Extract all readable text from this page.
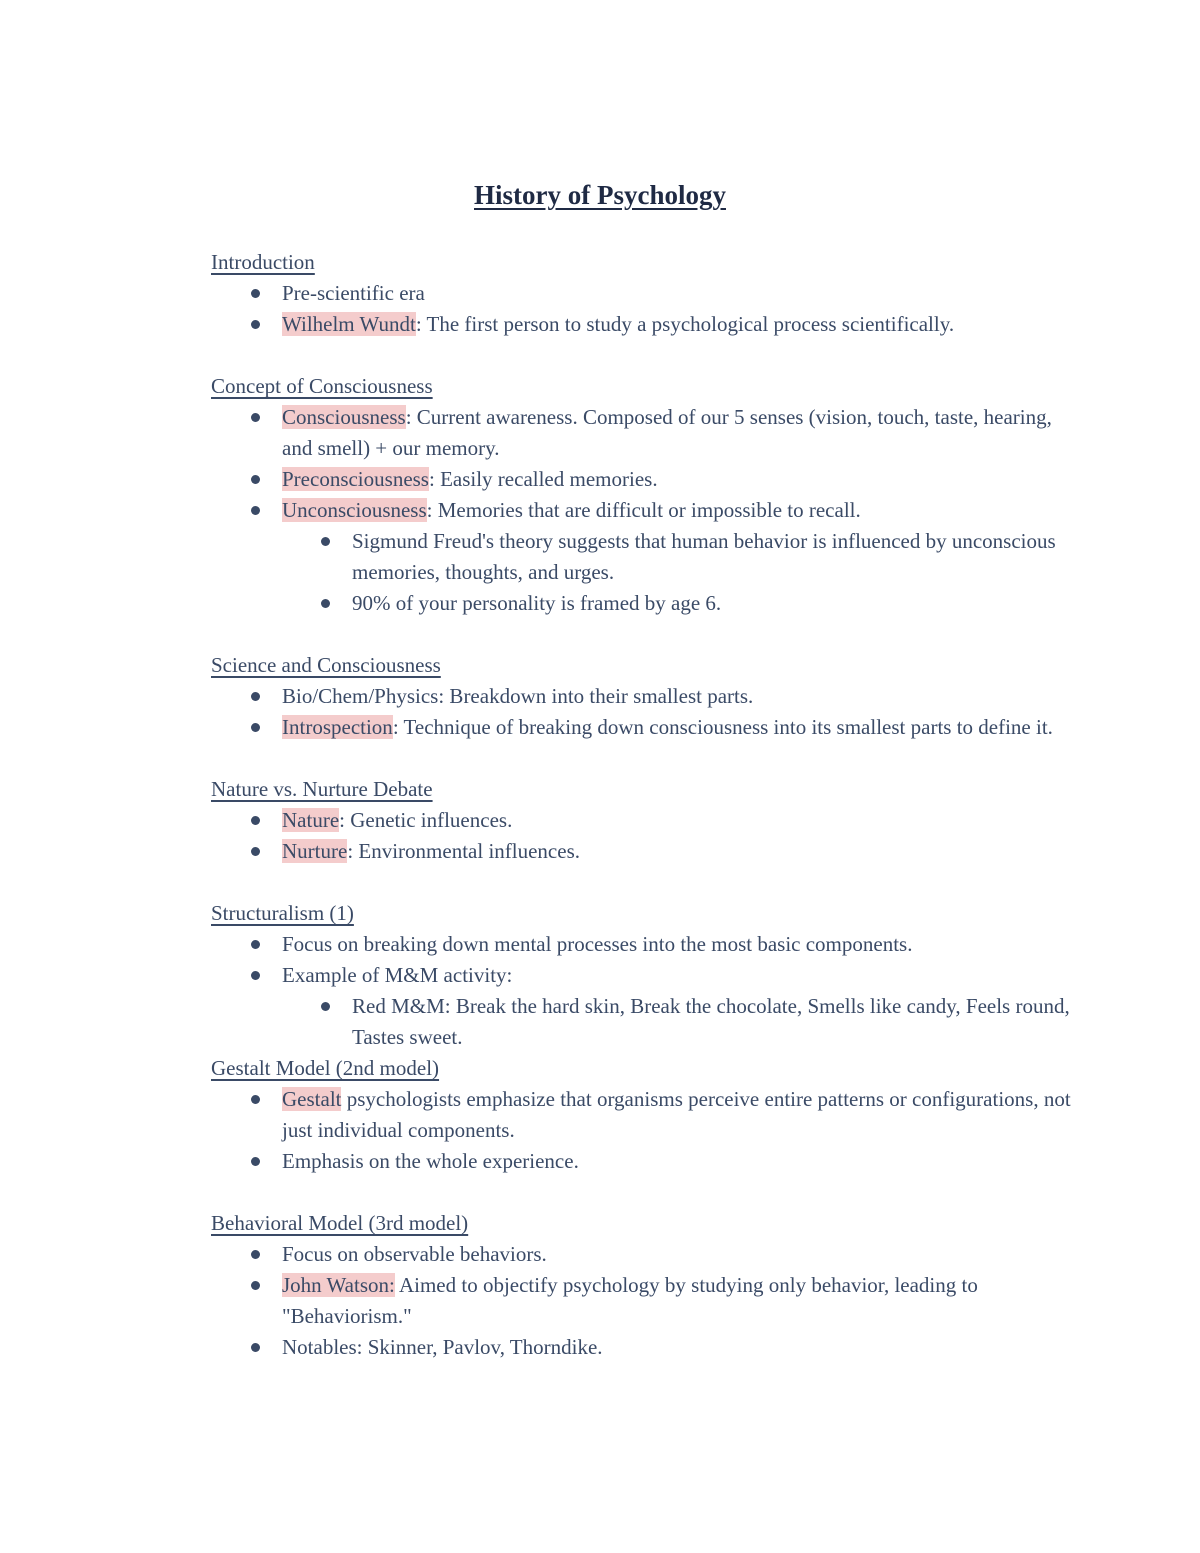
History of Psychology

Introduction

Pre-scientific era
Wilhelm Wundt: The first person to study a psychological process scientifically.

Concept of Consciousness

Consciousness: Current awareness. Composed of our 5 senses (vision, touch, taste, hearing, and smell) + our memory.
Preconsciousness: Easily recalled memories.
Unconsciousness: Memories that are difficult or impossible to recall.
Sigmund Freud's theory suggests that human behavior is influenced by unconscious memories, thoughts, and urges.
90% of your personality is framed by age 6.

Science and Consciousness

Bio/Chem/Physics: Breakdown into their smallest parts.
Introspection: Technique of breaking down consciousness into its smallest parts to define it.

Nature vs. Nurture Debate

Nature: Genetic influences.
Nurture: Environmental influences.

Structuralism (1)

Focus on breaking down mental processes into the most basic components.
Example of M&M activity:
Red M&M: Break the hard skin, Break the chocolate, Smells like candy, Feels round, Tastes sweet.

Gestalt Model (2nd model)

Gestalt psychologists emphasize that organisms perceive entire patterns or configurations, not just individual components.
Emphasis on the whole experience.

Behavioral Model (3rd model)

Focus on observable behaviors.
John Watson: Aimed to objectify psychology by studying only behavior, leading to "Behaviorism."
Notables: Skinner, Pavlov, Thorndike.
